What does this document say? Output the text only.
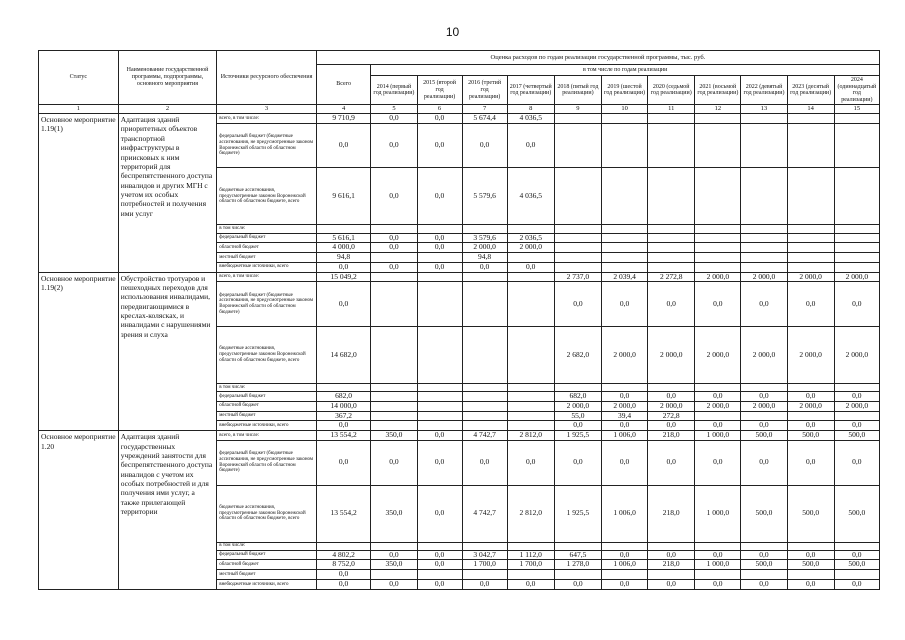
10
Статус	Наименование государственной программы, подпрограммы, основного мероприятия	Источники ресурсного обеспечения	Оценка расходов по годам реализации государственной программы, тыс. руб.											
			Всего	в том числе по годам реализации										
				2014 (первый год реализации)	2015 (второй год реализации)	2016 (третий год реализации)	2017 (четвертый год реализации)	2018 (пятый год реализации)	2019 (шестой год реализации)	2020 (седьмой год реализации)	2021 (восьмой год реализации)	2022 (девятый год реализации)	2023 (десятый год реализации)	2024 (одиннадцатый год реализации)
1	2	3	4	5	6	7	8	9	10	11	12	13	14	15
Основное мероприятие 1.19(1)	Адаптация зданий приоритетных объектов транспортной инфраструктуры в приисковых к ним территорий для беспрепятственного доступа инвалидов и других МГН с учетом их особых потребностей и получения ими услуг	всего, в том числе:	9 710,9	0,0	0,0	5 674,4	4 036,5							
		федеральный бюджет (бюджетные ассигнования, не предусмотренные законом Воронежской области об областном бюджете)	0,0	0,0	0,0	0,0	0,0							
		бюджетные ассигнования, предусмотренные законом Воронежской области об областном бюджете, всего	9 616,1	0,0	0,0	5 579,6	4 036,5							
		в том числе:												
		федеральный бюджет	5 616,1	0,0	0,0	3 579,6	2 036,5							
		областной бюджет	4 000,0	0,0	0,0	2 000,0	2 000,0							
		местный бюджет	94,8			94,8								
		внебюджетные источники, всего	0,0	0,0	0,0	0,0	0,0							
Основное мероприятие 1.19(2)	Обустройство тротуаров и пешеходных переходов для использования инвалидами, передвигающимися в креслах-колясках, и инвалидами с нарушениями зрения и слуха	всего, в том числе:	15 049,2					2 737,0	2 039,4	2 272,8	2 000,0	2 000,0	2 000,0	2 000,0
		федеральный бюджет (бюджетные ассигнования, не предусмотренные законом Воронежской области об областном бюджете)	0,0					0,0	0,0	0,0	0,0	0,0	0,0	0,0
		бюджетные ассигнования, предусмотренные законом Воронежской области об областном бюджете, всего	14 682,0					2 682,0	2 000,0	2 000,0	2 000,0	2 000,0	2 000,0	2 000,0
		в том числе:												
		федеральный бюджет	682,0					682,0	0,0	0,0	0,0	0,0	0,0	0,0
		областной бюджет	14 000,0					2 000,0	2 000,0	2 000,0	2 000,0	2 000,0	2 000,0	2 000,0
		местный бюджет	367,2					55,0	39,4	272,8				
		внебюджетные источники, всего	0,0					0,0	0,0	0,0	0,0	0,0	0,0	0,0
Основное мероприятие 1.20	Адаптация зданий государственных учреждений занятости для беспрепятственного доступа инвалидов с учетом их особых потребностей и для получения ими услуг, а также прилегающей территории	всего, в том числе:	13 554,2	350,0	0,0	4 742,7	2 812,0	1 925,5	1 006,0	218,0	1 000,0	500,0	500,0	500,0
		федеральный бюджет (бюджетные ассигнования, не предусмотренные законом Воронежской области об областном бюджете)	0,0	0,0	0,0	0,0	0,0	0,0	0,0	0,0	0,0	0,0	0,0	0,0
		бюджетные ассигнования, предусмотренные законом Воронежской области об областном бюджете, всего	13 554,2	350,0	0,0	4 742,7	2 812,0	1 925,5	1 006,0	218,0	1 000,0	500,0	500,0	500,0
		в том числе:												
		федеральный бюджет	4 802,2	0,0	0,0	3 042,7	1 112,0	647,5	0,0	0,0	0,0	0,0	0,0	0,0
		областной бюджет	8 752,0	350,0	0,0	1 700,0	1 700,0	1 278,0	1 006,0	218,0	1 000,0	500,0	500,0	500,0
		местный бюджет	0,0											
		внебюджетные источники, всего	0,0	0,0	0,0	0,0	0,0	0,0	0,0	0,0	0,0	0,0	0,0	0,0
